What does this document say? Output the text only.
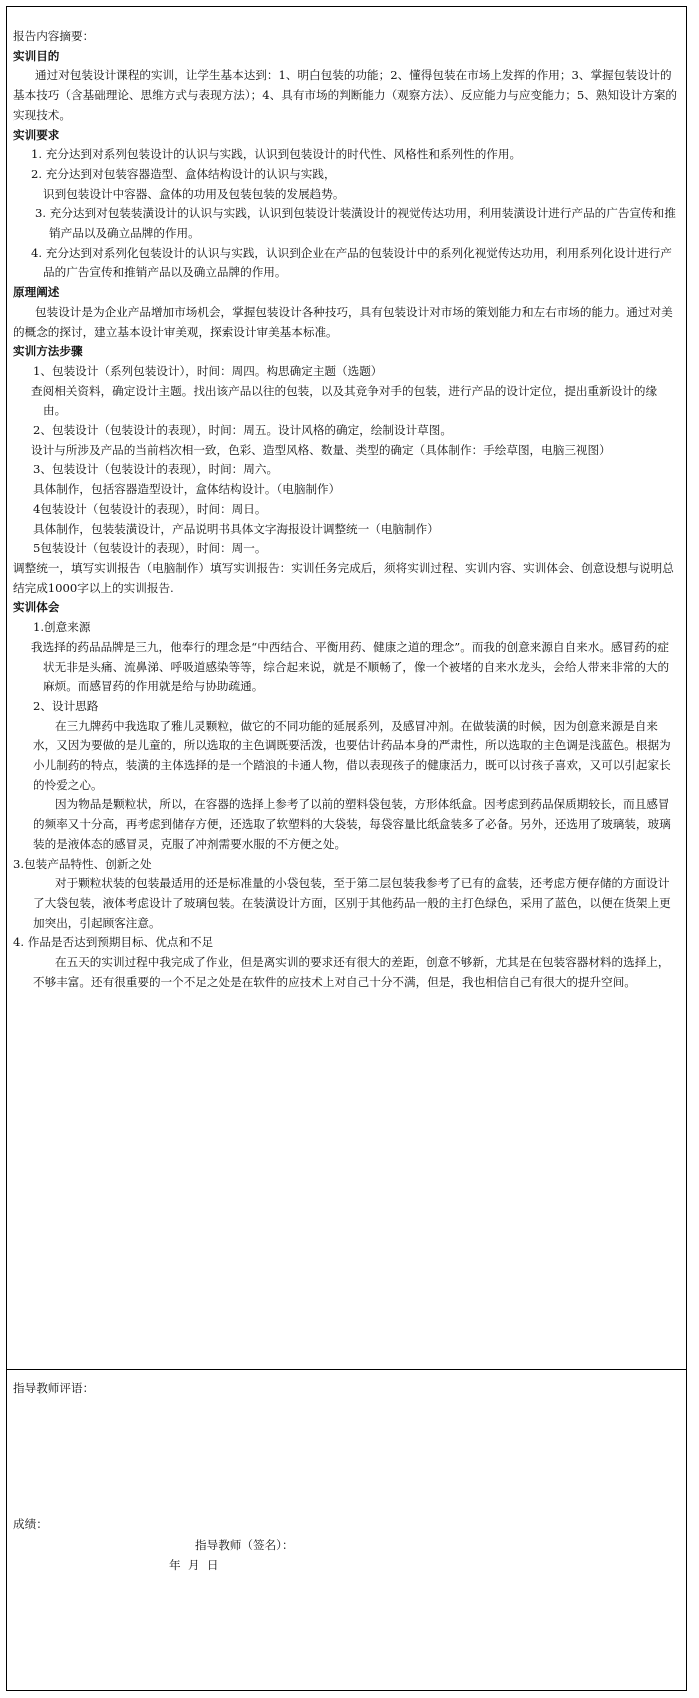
报告内容摘要：

实训目的

通过对包装设计课程的实训，让学生基本达到：1、明白包装的功能；2、懂得包装在市场上发挥的作用；3、掌握包装设计的基本技巧（含基础理论、思维方式与表现方法）；4、具有市场的判断能力（观察方法）、反应能力与应变能力；5、熟知设计方案的实现技术。

实训要求

1. 充分达到对系列包装设计的认识与实践，认识到包装设计的时代性、风格性和系列性的作用。

2. 充分达到对包装容器造型、盒体结构设计的认识与实践，

识到包装设计中容器、盒体的功用及包装包装的发展趋势。

3. 充分达到对包装装潢设计的认识与实践，认识到包装设计装潢设计的视觉传达功用，利用装潢设计进行产品的广告宣传和推销产品以及确立品牌的作用。

4. 充分达到对系列化包装设计的认识与实践，认识到企业在产品的包装设计中的系列化视觉传达功用，利用系列化设计进行产品的广告宣传和推销产品以及确立品牌的作用。

原理阐述

包装设计是为企业产品增加市场机会，掌握包装设计各种技巧，具有包装设计对市场的策划能力和左右市场的能力。通过对美的概念的探讨，建立基本设计审美观，探索设计审美基本标准。

实训方法步骤

1、包装设计（系列包装设计），时间：周四。构思确定主题（选题）

查阅相关资料，确定设计主题。找出该产品以往的包装，以及其竞争对手的包装，进行产品的设计定位，提出重新设计的缘由。

2、包装设计（包装设计的表现），时间：周五。设计风格的确定，绘制设计草图。

设计与所涉及产品的当前档次相一致，色彩、造型风格、数量、类型的确定（具体制作：手绘草图，电脑三视图）

3、包装设计（包装设计的表现），时间：周六。

具体制作，包括容器造型设计，盒体结构设计。（电脑制作）

4包装设计（包装设计的表现），时间：周日。

具体制作，包装装潢设计，产品说明书具体文字海报设计调整统一（电脑制作）

5包装设计（包装设计的表现），时间：周一。

调整统一，填写实训报告（电脑制作）填写实训报告：实训任务完成后，须将实训过程、实训内容、实训体会、创意设想与说明总结完成1000字以上的实训报告.

实训体会

1.创意来源

我选择的药品品牌是三九，他奉行的理念是“中西结合、平衡用药、健康之道的理念”。而我的创意来源自自来水。感冒药的症状无非是头痛、流鼻涕、呼吸道感染等等，综合起来说，就是不顺畅了，像一个被堵的自来水龙头，会给人带来非常的大的麻烦。而感冒药的作用就是给与协助疏通。

2、设计思路

在三九牌药中我选取了雅儿灵颗粒，做它的不同功能的延展系列，及感冒冲剂。在做装潢的时候，因为创意来源是自来水，又因为要做的是儿童的，所以选取的主色调既要活泼，也要估计药品本身的严肃性，所以选取的主色调是浅蓝色。根据为小儿制药的特点，装潢的主体选择的是一个踏浪的卡通人物，借以表现孩子的健康活力，既可以讨孩子喜欢，又可以引起家长的怜爱之心。

因为物品是颗粒状，所以，在容器的选择上参考了以前的塑料袋包装，方形体纸盒。因考虑到药品保质期较长，而且感冒的频率又十分高，再考虑到储存方便，还选取了软塑料的大袋装，每袋容量比纸盒装多了必备。另外，还选用了玻璃装，玻璃装的是液体态的感冒灵，克服了冲剂需要水服的不方便之处。

3.包装产品特性、创新之处

对于颗粒状装的包装最适用的还是标准量的小袋包装，至于第二层包装我参考了已有的盒装，还考虑方便存储的方面设计了大袋包装，液体考虑设计了玻璃包装。在装潢设计方面，区别于其他药品一般的主打色绿色，采用了蓝色，以便在货架上更加突出，引起顾客注意。

4. 作品是否达到预期目标、优点和不足

在五天的实训过程中我完成了作业，但是离实训的要求还有很大的差距，创意不够新，尤其是在包装容器材料的选择上，不够丰富。还有很重要的一个不足之处是在软件的应技术上对自己十分不满，但是，我也相信自己有很大的提升空间。

指导教师评语：
成绩：
指导教师（签名）：
年  月  日
